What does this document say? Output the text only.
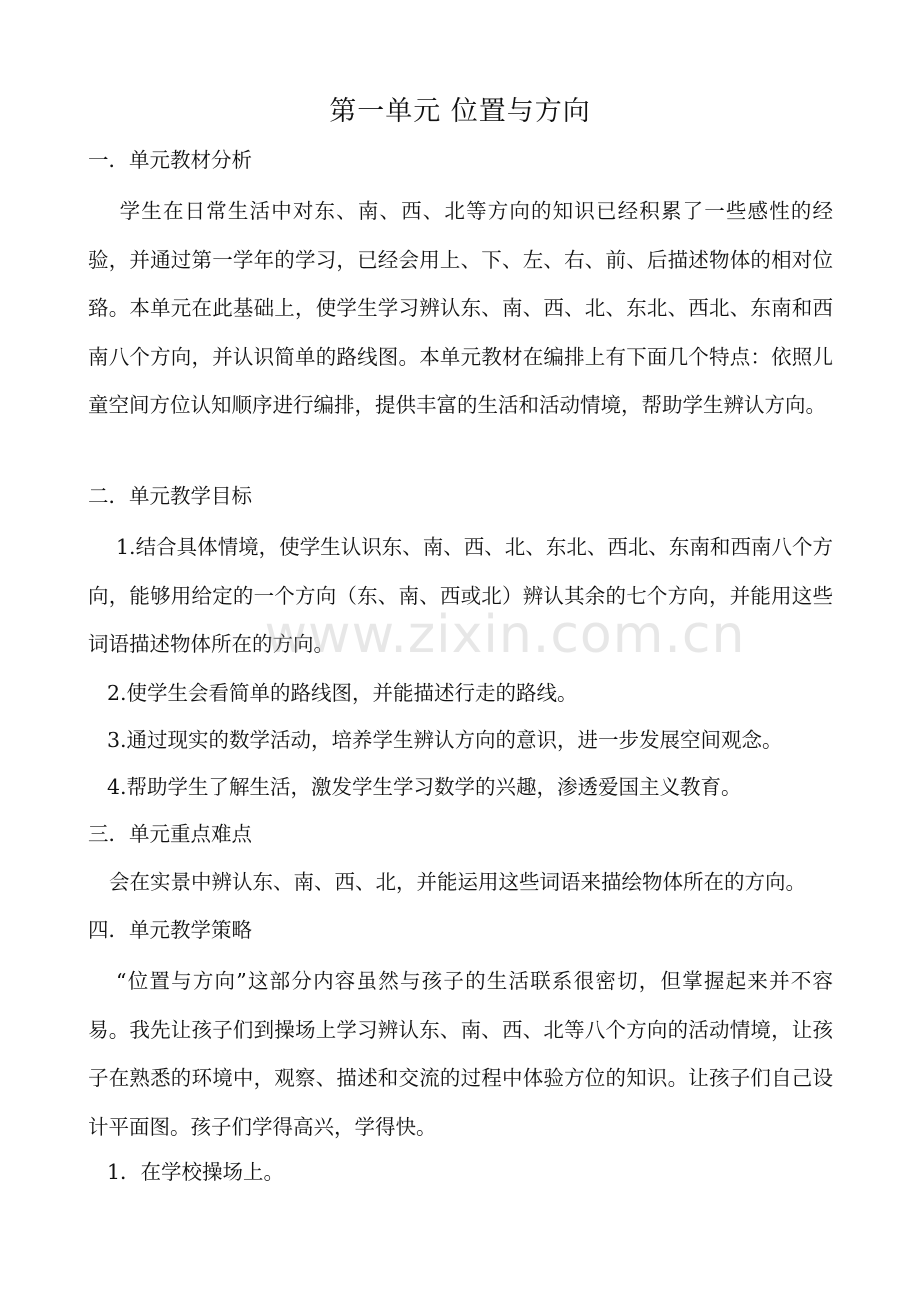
第一单元 位置与方向
一．单元教材分析
　学生在日常生活中对东、南、西、北等方向的知识已经积累了一些感性的经验，并通过第一学年的学习，已经会用上、下、左、右、前、后描述物体的相对位臵。本单元在此基础上，使学生学习辨认东、南、西、北、东北、西北、东南和西南八个方向，并认识简单的路线图。本单元教材在编排上有下面几个特点：依照儿童空间方位认知顺序进行编排，提供丰富的生活和活动情境，帮助学生辨认方向。
二．单元教学目标
1.结合具体情境，使学生认识东、南、西、北、东北、西北、东南和西南八个方向，能够用给定的一个方向（东、南、西或北）辨认其余的七个方向，并能用这些词语描述物体所在的方向。
2.使学生会看简单的路线图，并能描述行走的路线。
3.通过现实的数学活动，培养学生辨认方向的意识，进一步发展空间观念。
4.帮助学生了解生活，激发学生学习数学的兴趣，渗透爱国主义教育。
三．单元重点难点
会在实景中辨认东、南、西、北，并能运用这些词语来描绘物体所在的方向。
四．单元教学策略
“位置与方向”这部分内容虽然与孩子的生活联系很密切，但掌握起来并不容易。我先让孩子们到操场上学习辨认东、南、西、北等八个方向的活动情境，让孩子在熟悉的环境中，观察、描述和交流的过程中体验方位的知识。让孩子们自己设计平面图。孩子们学得高兴，学得快。
1．在学校操场上。
www.zixin.com.cn
